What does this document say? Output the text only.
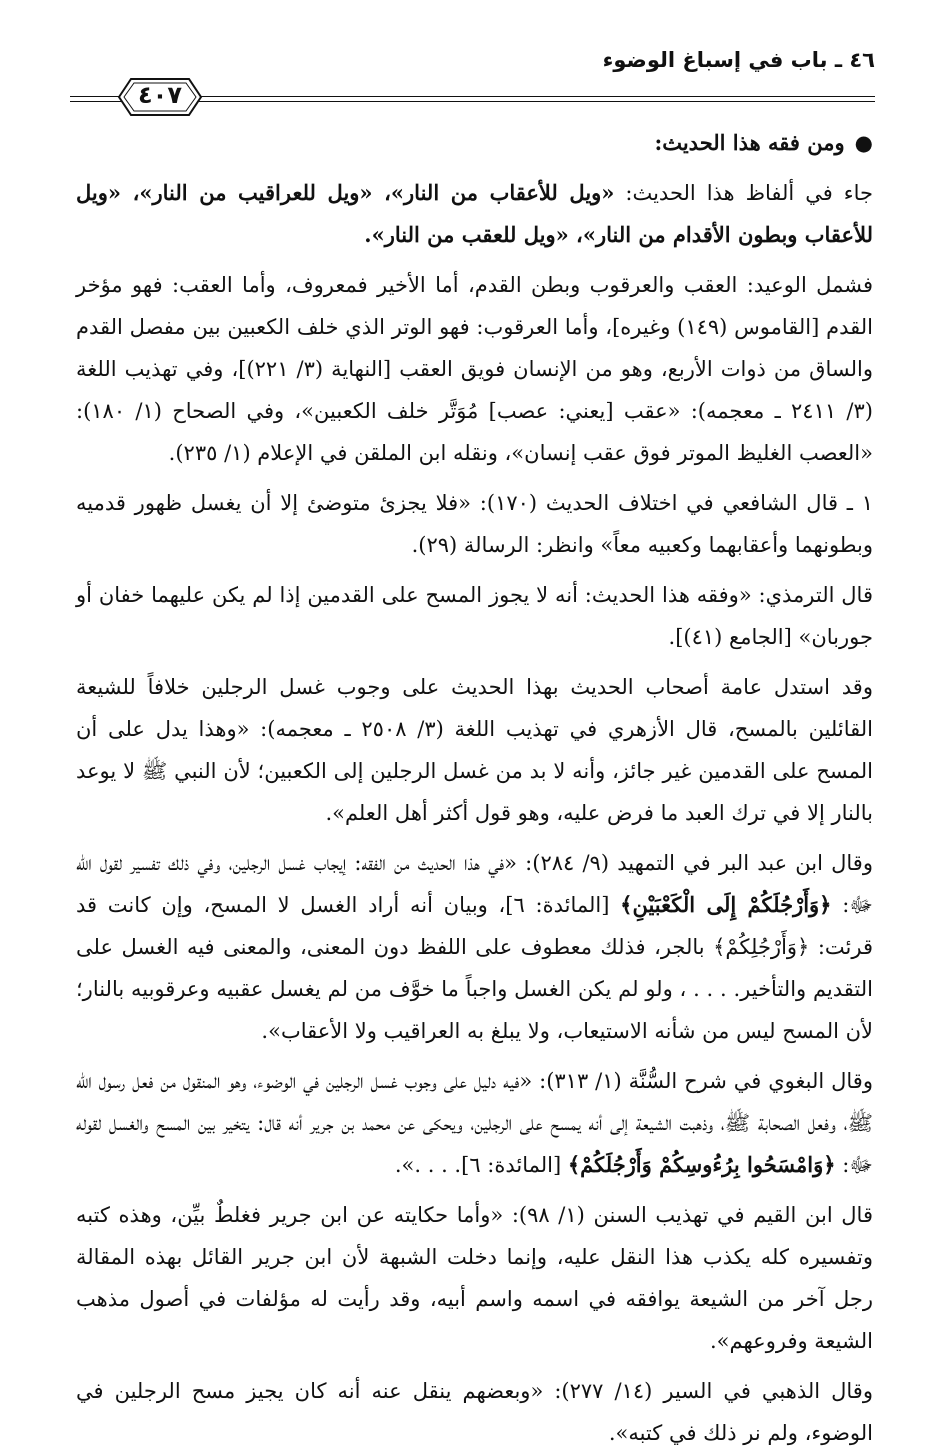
٤٦ ـ باب في إسباغ الوضوء
٤٠٧

●ومن فقه هذا الحديث:

جاء في ألفاظ هذا الحديث: «ويل للأعقاب من النار»، «ويل للعراقيب من النار»، «ويل للأعقاب وبطون الأقدام من النار»، «ويل للعقب من النار».

فشمل الوعيد: العقب والعرقوب وبطن القدم، أما الأخير فمعروف، وأما العقب: فهو مؤخر القدم [القاموس (١٤٩) وغيره]، وأما العرقوب: فهو الوتر الذي خلف الكعبين بين مفصل القدم والساق من ذوات الأربع، وهو من الإنسان فويق العقب [النهاية (٣/ ٢٢١)]، وفي تهذيب اللغة (٣/ ٢٤١١ ـ معجمه): «عقب [يعني: عصب] مُوَتَّر خلف الكعبين»، وفي الصحاح (١/ ١٨٠): «العصب الغليظ الموتر فوق عقب إنسان»، ونقله ابن الملقن في الإعلام (١/ ٢٣٥).

١ ـ قال الشافعي في اختلاف الحديث (١٧٠): «فلا يجزئ متوضئ إلا أن يغسل ظهور قدميه وبطونهما وأعقابهما وكعبيه معاً» وانظر: الرسالة (٢٩).

قال الترمذي: «وفقه هذا الحديث: أنه لا يجوز المسح على القدمين إذا لم يكن عليهما خفان أو جوربان» [الجامع (٤١)].

وقد استدل عامة أصحاب الحديث بهذا الحديث على وجوب غسل الرجلين خلافاً للشيعة القائلين بالمسح، قال الأزهري في تهذيب اللغة (٣/ ٢٥٠٨ ـ معجمه): «وهذا يدل على أن المسح على القدمين غير جائز، وأنه لا بد من غسل الرجلين إلى الكعبين؛ لأن النبي ﷺ لا يوعد بالنار إلا في ترك العبد ما فرض عليه، وهو قول أكثر أهل العلم».

وقال ابن عبد البر في التمهيد (٩/ ٢٨٤): «في هذا الحديث من الفقه: إيجاب غسل الرجلين، وفي ذلك تفسير لقول الله ﷻ: ﴿وَأَرْجُلَكُمْ إِلَى الْكَعْبَيْنِ﴾ [المائدة: ٦]، وبيان أنه أراد الغسل لا المسح، وإن كانت قد قرئت: ﴿وَأَرْجُلِكُمْ﴾ بالجر، فذلك معطوف على اللفظ دون المعنى، والمعنى فيه الغسل على التقديم والتأخير. . . . ، ولو لم يكن الغسل واجباً ما خوَّف من لم يغسل عقبيه وعرقوبيه بالنار؛ لأن المسح ليس من شأنه الاستيعاب، ولا يبلغ به العراقيب ولا الأعقاب».

وقال البغوي في شرح السُّنَّة (١/ ٣١٣): «فيه دليل على وجوب غسل الرجلين في الوضوء، وهو المنقول من فعل رسول الله ﷺ، وفعل الصحابة ﷺ، وذهبت الشيعة إلى أنه يمسح على الرجلين، ويحكى عن محمد بن جرير أنه قال: يتخير بين المسح والغسل لقوله ﷻ: ﴿وَامْسَحُوا بِرُءُوسِكُمْ وَأَرْجُلَكُمْ﴾ [المائدة: ٦]. . . .».

قال ابن القيم في تهذيب السنن (١/ ٩٨): «وأما حكايته عن ابن جرير فغلطٌ بيِّن، وهذه كتبه وتفسيره كله يكذب هذا النقل عليه، وإنما دخلت الشبهة لأن ابن جرير القائل بهذه المقالة رجل آخر من الشيعة يوافقه في اسمه واسم أبيه، وقد رأيت له مؤلفات في أصول مذهب الشيعة وفروعهم».

وقال الذهبي في السير (١٤/ ٢٧٧): «وبعضهم ينقل عنه أنه كان يجيز مسح الرجلين في الوضوء، ولم نر ذلك في كتبه».
